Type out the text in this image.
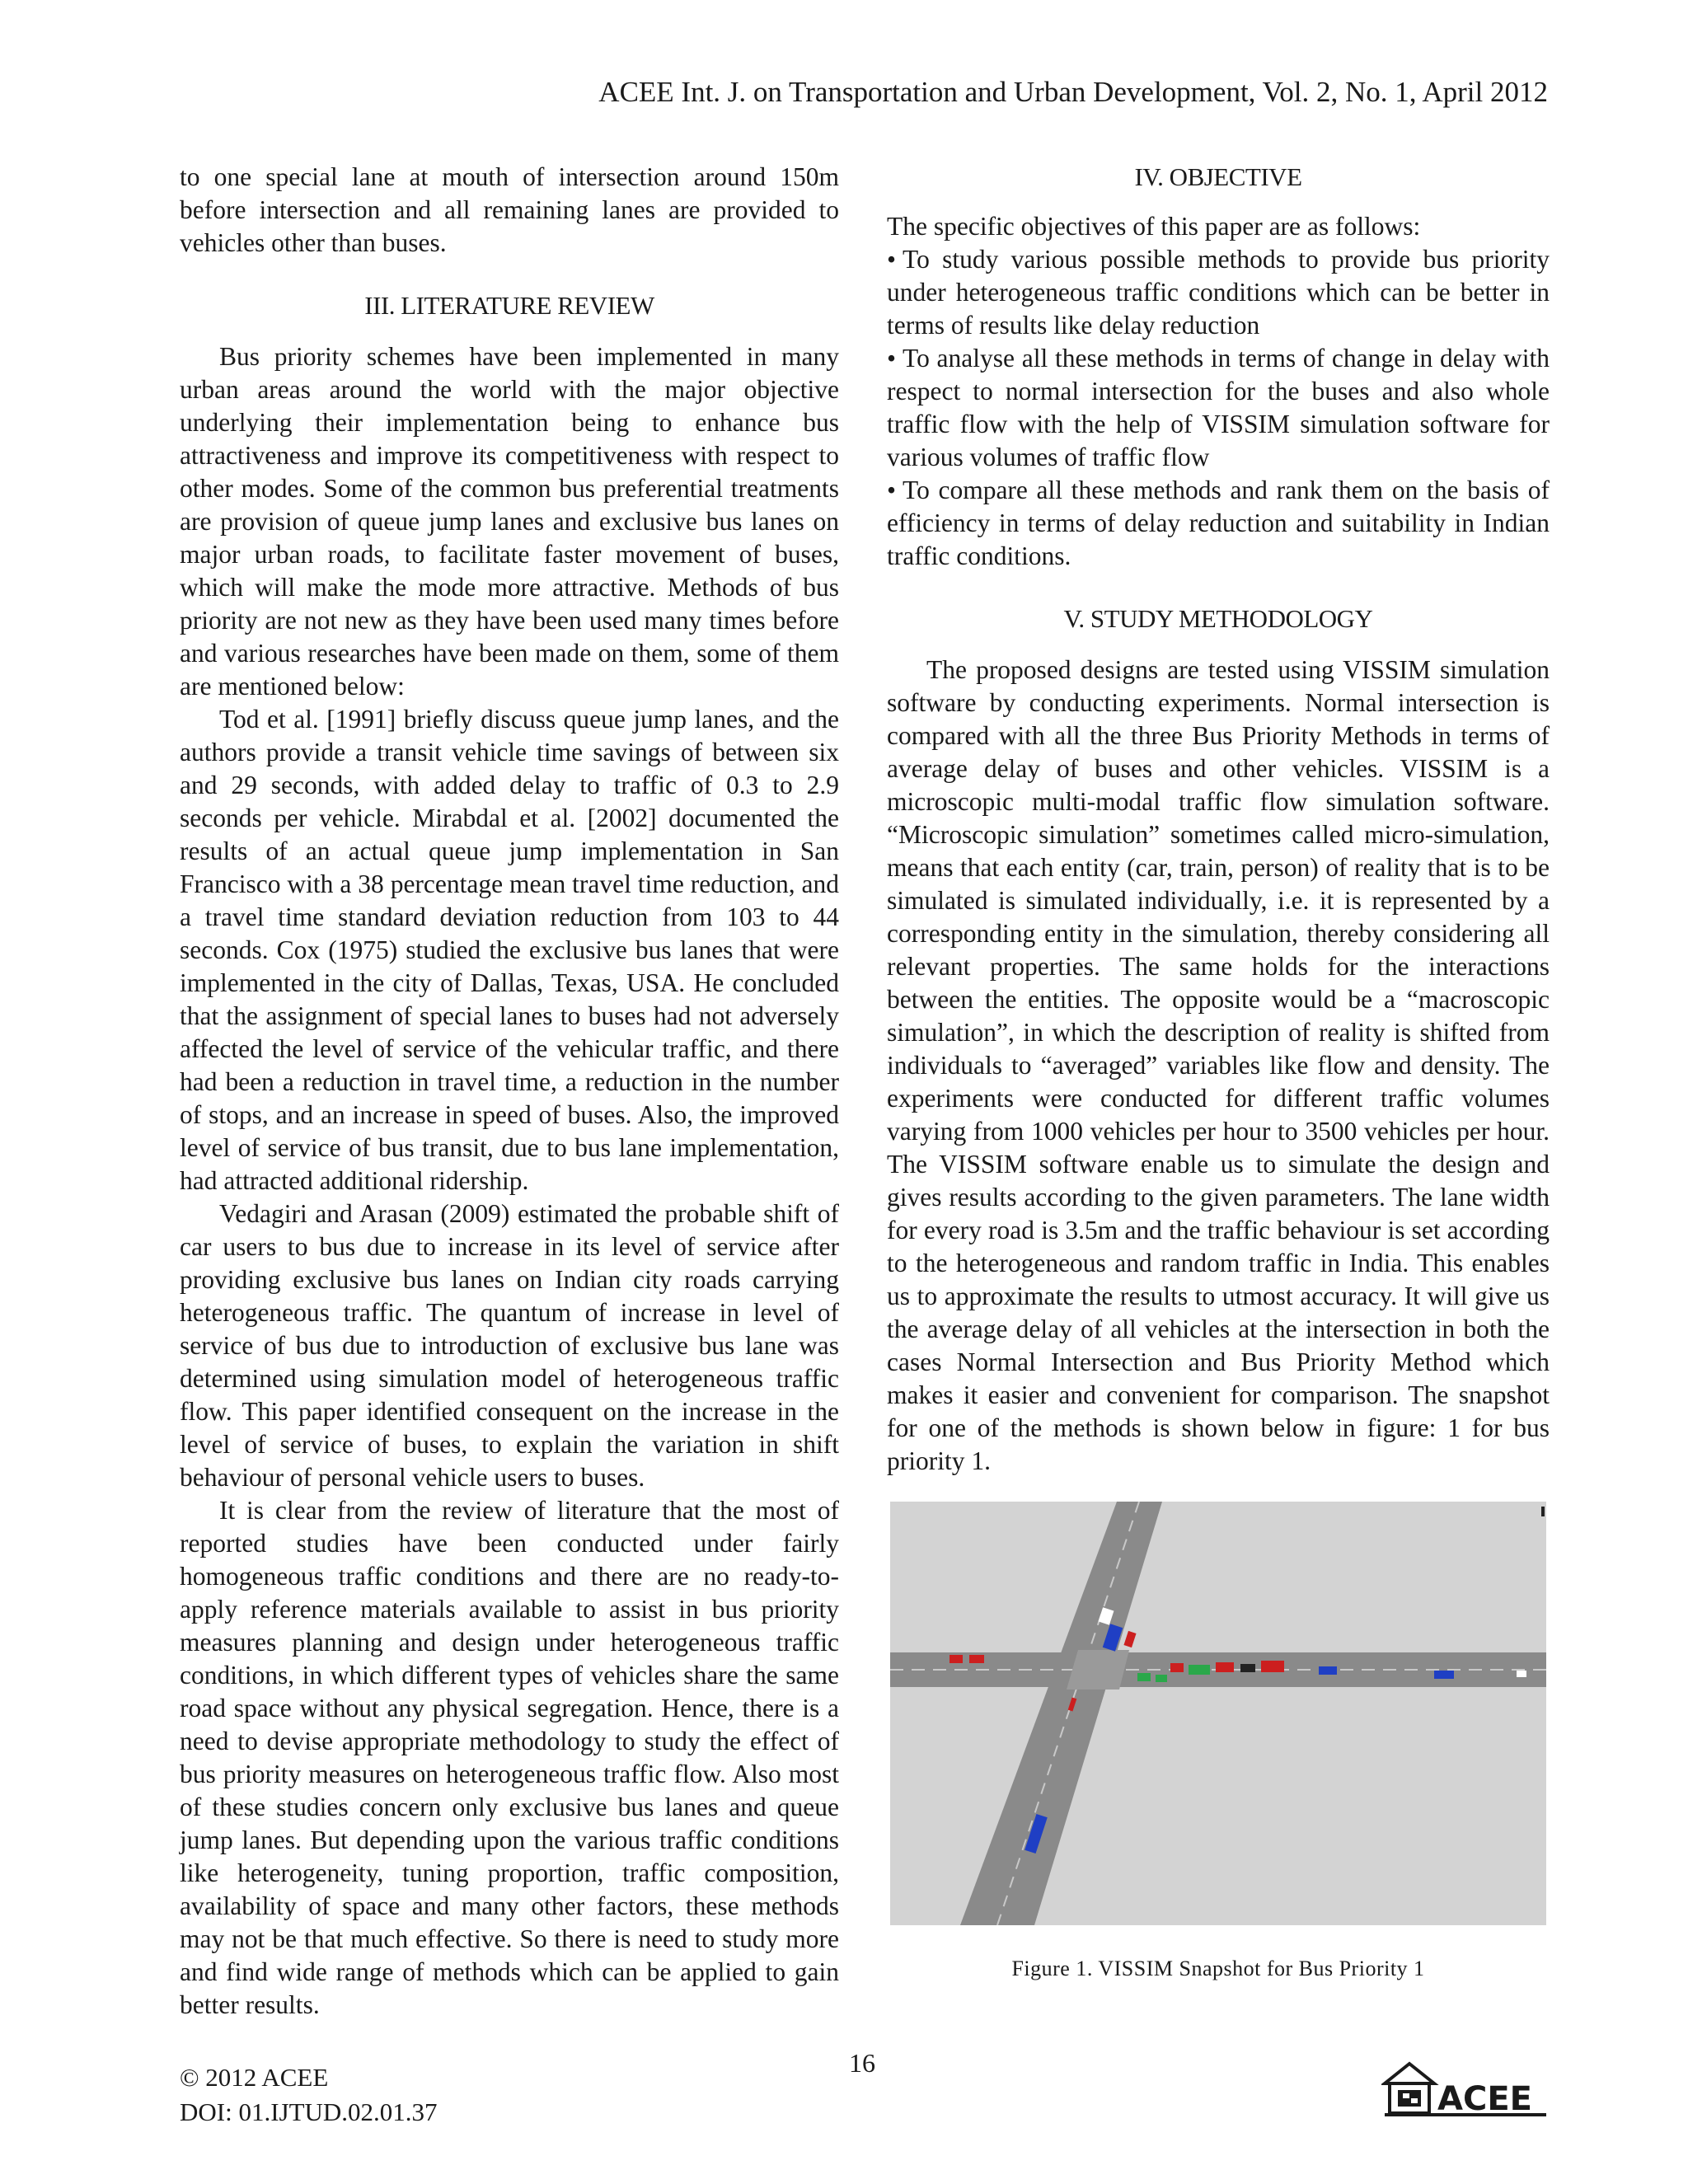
ACEE Int. J. on Transportation and Urban Development, Vol. 2, No. 1, April 2012

to one special lane at mouth of intersection around 150m before intersection and all remaining lanes are provided to vehicles other than buses.

III. LITERATURE REVIEW

Bus priority schemes have been implemented in many urban areas around the world with the major objective underlying their implementation being to enhance bus attractiveness and improve its competitiveness with respect to other modes. Some of the common bus preferential treatments are provision of queue jump lanes and exclusive bus lanes on major urban roads, to facilitate faster movement of buses, which will make the mode more attractive. Methods of bus priority are not new as they have been used many times before and various researches have been made on them, some of them are mentioned below:

Tod et al. [1991] briefly discuss queue jump lanes, and the authors provide a transit vehicle time savings of between six and 29 seconds, with added delay to traffic of 0.3 to 2.9 seconds per vehicle. Mirabdal et al. [2002] documented the results of an actual queue jump implementation in San Francisco with a 38 percentage mean travel time reduction, and a travel time standard deviation reduction from 103 to 44 seconds. Cox (1975) studied the exclusive bus lanes that were implemented in the city of Dallas, Texas, USA. He concluded that the assignment of special lanes to buses had not adversely affected the level of service of the vehicular traffic, and there had been a reduction in travel time, a reduction in the number of stops, and an increase in speed of buses. Also, the improved level of service of bus transit, due to bus lane implementation, had attracted additional ridership.

Vedagiri and Arasan (2009) estimated the probable shift of car users to bus due to increase in its level of service after providing exclusive bus lanes on Indian city roads carrying heterogeneous traffic. The quantum of increase in level of service of bus due to introduction of exclusive bus lane was determined using simulation model of heterogeneous traffic flow. This paper identified consequent on the increase in the level of service of buses, to explain the variation in shift behaviour of personal vehicle users to buses.

It is clear from the review of literature that the most of reported studies have been conducted under fairly homogeneous traffic conditions and there are no ready-to-apply reference materials available to assist in bus priority measures planning and design under heterogeneous traffic conditions, in which different types of vehicles share the same road space without any physical segregation. Hence, there is a need to devise appropriate methodology to study the effect of bus priority measures on heterogeneous traffic flow. Also most of these studies concern only exclusive bus lanes and queue jump lanes. But depending upon the various traffic conditions like heterogeneity, tuning proportion, traffic composition, availability of space and many other factors, these methods may not be that much effective. So there is need to study more and find wide range of methods which can be applied to gain better results.

IV. OBJECTIVE

The specific objectives of this paper are as follows:

• To study various possible methods to provide bus priority under heterogeneous traffic conditions which can be better in terms of results like delay reduction
• To analyse all these methods in terms of change in delay with respect to normal intersection for the buses and also whole traffic flow with the help of VISSIM simulation software for various volumes of traffic flow
• To compare all these methods and rank them on the basis of efficiency in terms of delay reduction and suitability in Indian traffic conditions.
V. STUDY METHODOLOGY

The proposed designs are tested using VISSIM simulation software by conducting experiments. Normal intersection is compared with all the three Bus Priority Methods in terms of average delay of buses and other vehicles. VISSIM is a microscopic multi-modal traffic flow simulation software. “Microscopic simulation” sometimes called micro-simulation, means that each entity (car, train, person) of reality that is to be simulated is simulated individually, i.e. it is represented by a corresponding entity in the simulation, thereby considering all relevant properties. The same holds for the interactions between the entities. The opposite would be a “macroscopic simulation”, in which the description of reality is shifted from individuals to “averaged” variables like flow and density. The experiments were conducted for different traffic volumes varying from 1000 vehicles per hour to 3500 vehicles per hour. The VISSIM software enable us to simulate the design and gives results according to the given parameters. The lane width for every road is 3.5m and the traffic behaviour is set according to the heterogeneous and random traffic in India. This enables us to approximate the results to utmost accuracy. It will give us the average delay of all vehicles at the intersection in both the cases Normal Intersection and Bus Priority Method which makes it easier and convenient for comparison. The snapshot for one of the methods is shown below in figure: 1 for bus priority 1.

Figure 1. VISSIM Snapshot for Bus Priority 1
© 2012 ACEE
DOI: 01.IJTUD.02.01.37
16
ACEE
